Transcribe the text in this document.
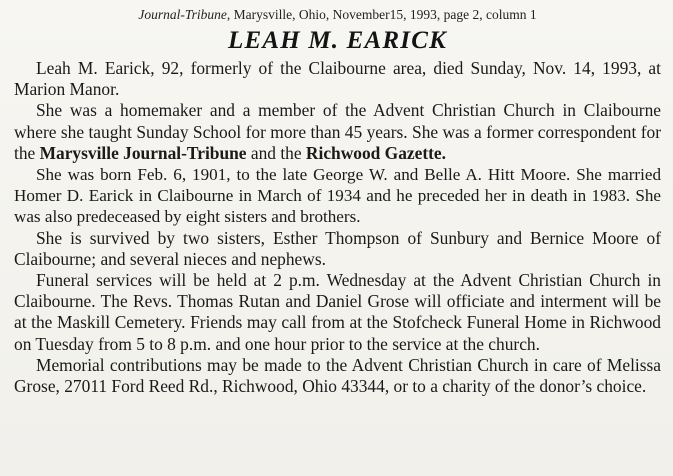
Journal-Tribune, Marysville, Ohio, November15, 1993, page 2, column 1
LEAH M. EARICK

Leah M. Earick, 92, formerly of the Claibourne area, died Sunday, Nov. 14, 1993, at Marion Manor.

She was a homemaker and a member of the Advent Christian Church in Claibourne where she taught Sunday School for more than 45 years. She was a former correspondent for the Marysville Journal-Tribune and the Richwood Gazette.

She was born Feb. 6, 1901, to the late George W. and Belle A. Hitt Moore. She married Homer D. Earick in Claibourne in March of 1934 and he preceded her in death in 1983. She was also predeceased by eight sisters and brothers.

She is survived by two sisters, Esther Thompson of Sunbury and Bernice Moore of Claibourne; and several nieces and nephews.

Funeral services will be held at 2 p.m. Wednesday at the Advent Christian Church in Claibourne. The Revs. Thomas Rutan and Daniel Grose will officiate and interment will be at the Maskill Cemetery. Friends may call from at the Stofcheck Funeral Home in Richwood on Tuesday from 5 to 8 p.m. and one hour prior to the service at the church.

Memorial contributions may be made to the Advent Christian Church in care of Melissa Grose, 27011 Ford Reed Rd., Richwood, Ohio 43344, or to a charity of the donor’s choice.
